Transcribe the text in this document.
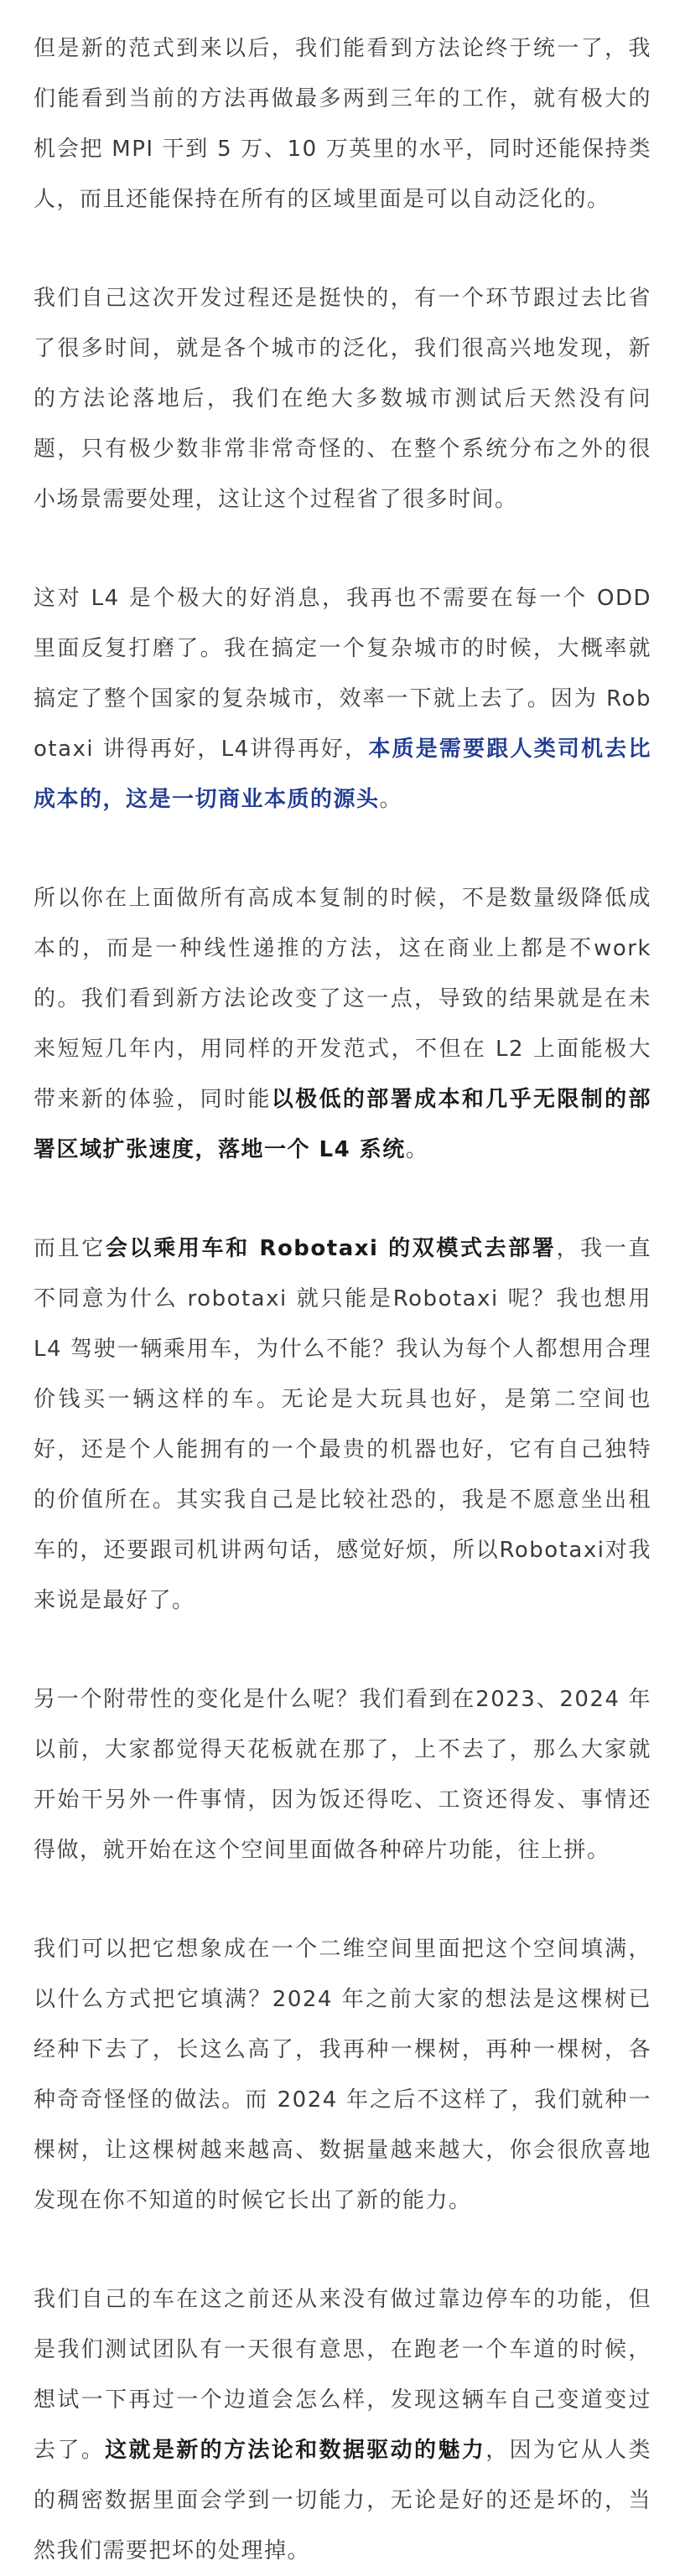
但是新的范式到来以后，我们能看到方法论终于统一了，我们能看到当前的方法再做最多两到三年的工作，就有极大的机会把 MPI 干到 5 万、10 万英里的水平，同时还能保持类人，而且还能保持在所有的区域里面是可以自动泛化的。

我们自己这次开发过程还是挺快的，有一个环节跟过去比省了很多时间，就是各个城市的泛化，我们很高兴地发现，新的方法论落地后，我们在绝大多数城市测试后天然没有问题，只有极少数非常非常奇怪的、在整个系统分布之外的很小场景需要处理，这让这个过程省了很多时间。

这对 L4 是个极大的好消息，我再也不需要在每一个 ODD 里面反复打磨了。我在搞定一个复杂城市的时候，大概率就搞定了整个国家的复杂城市，效率一下就上去了。因为 Robotaxi 讲得再好，L4讲得再好，本质是需要跟人类司机去比成本的，这是一切商业本质的源头。

所以你在上面做所有高成本复制的时候，不是数量级降低成本的，而是一种线性递推的方法，这在商业上都是不work 的。我们看到新方法论改变了这一点，导致的结果就是在未来短短几年内，用同样的开发范式，不但在 L2 上面能极大带来新的体验，同时能以极低的部署成本和几乎无限制的部署区域扩张速度，落地一个 L4 系统。

而且它会以乘用车和 Robotaxi 的双模式去部署，我一直不同意为什么 robotaxi 就只能是Robotaxi 呢？我也想用 L4 驾驶一辆乘用车，为什么不能？我认为每个人都想用合理价钱买一辆这样的车。无论是大玩具也好，是第二空间也好，还是个人能拥有的一个最贵的机器也好，它有自己独特的价值所在。其实我自己是比较社恐的，我是不愿意坐出租车的，还要跟司机讲两句话，感觉好烦，所以Robotaxi对我来说是最好了。

另一个附带性的变化是什么呢？我们看到在2023、2024 年以前，大家都觉得天花板就在那了，上不去了，那么大家就开始干另外一件事情，因为饭还得吃、工资还得发、事情还得做，就开始在这个空间里面做各种碎片功能，往上拼。

我们可以把它想象成在一个二维空间里面把这个空间填满，以什么方式把它填满？2024 年之前大家的想法是这棵树已经种下去了，长这么高了，我再种一棵树，再种一棵树，各种奇奇怪怪的做法。而 2024 年之后不这样了，我们就种一棵树，让这棵树越来越高、数据量越来越大，你会很欣喜地发现在你不知道的时候它长出了新的能力。

我们自己的车在这之前还从来没有做过靠边停车的功能，但是我们测试团队有一天很有意思，在跑老一个车道的时候，想试一下再过一个边道会怎么样，发现这辆车自己变道变过去了。这就是新的方法论和数据驱动的魅力，因为它从人类的稠密数据里面会学到一切能力，无论是好的还是坏的，当然我们需要把坏的处理掉。
